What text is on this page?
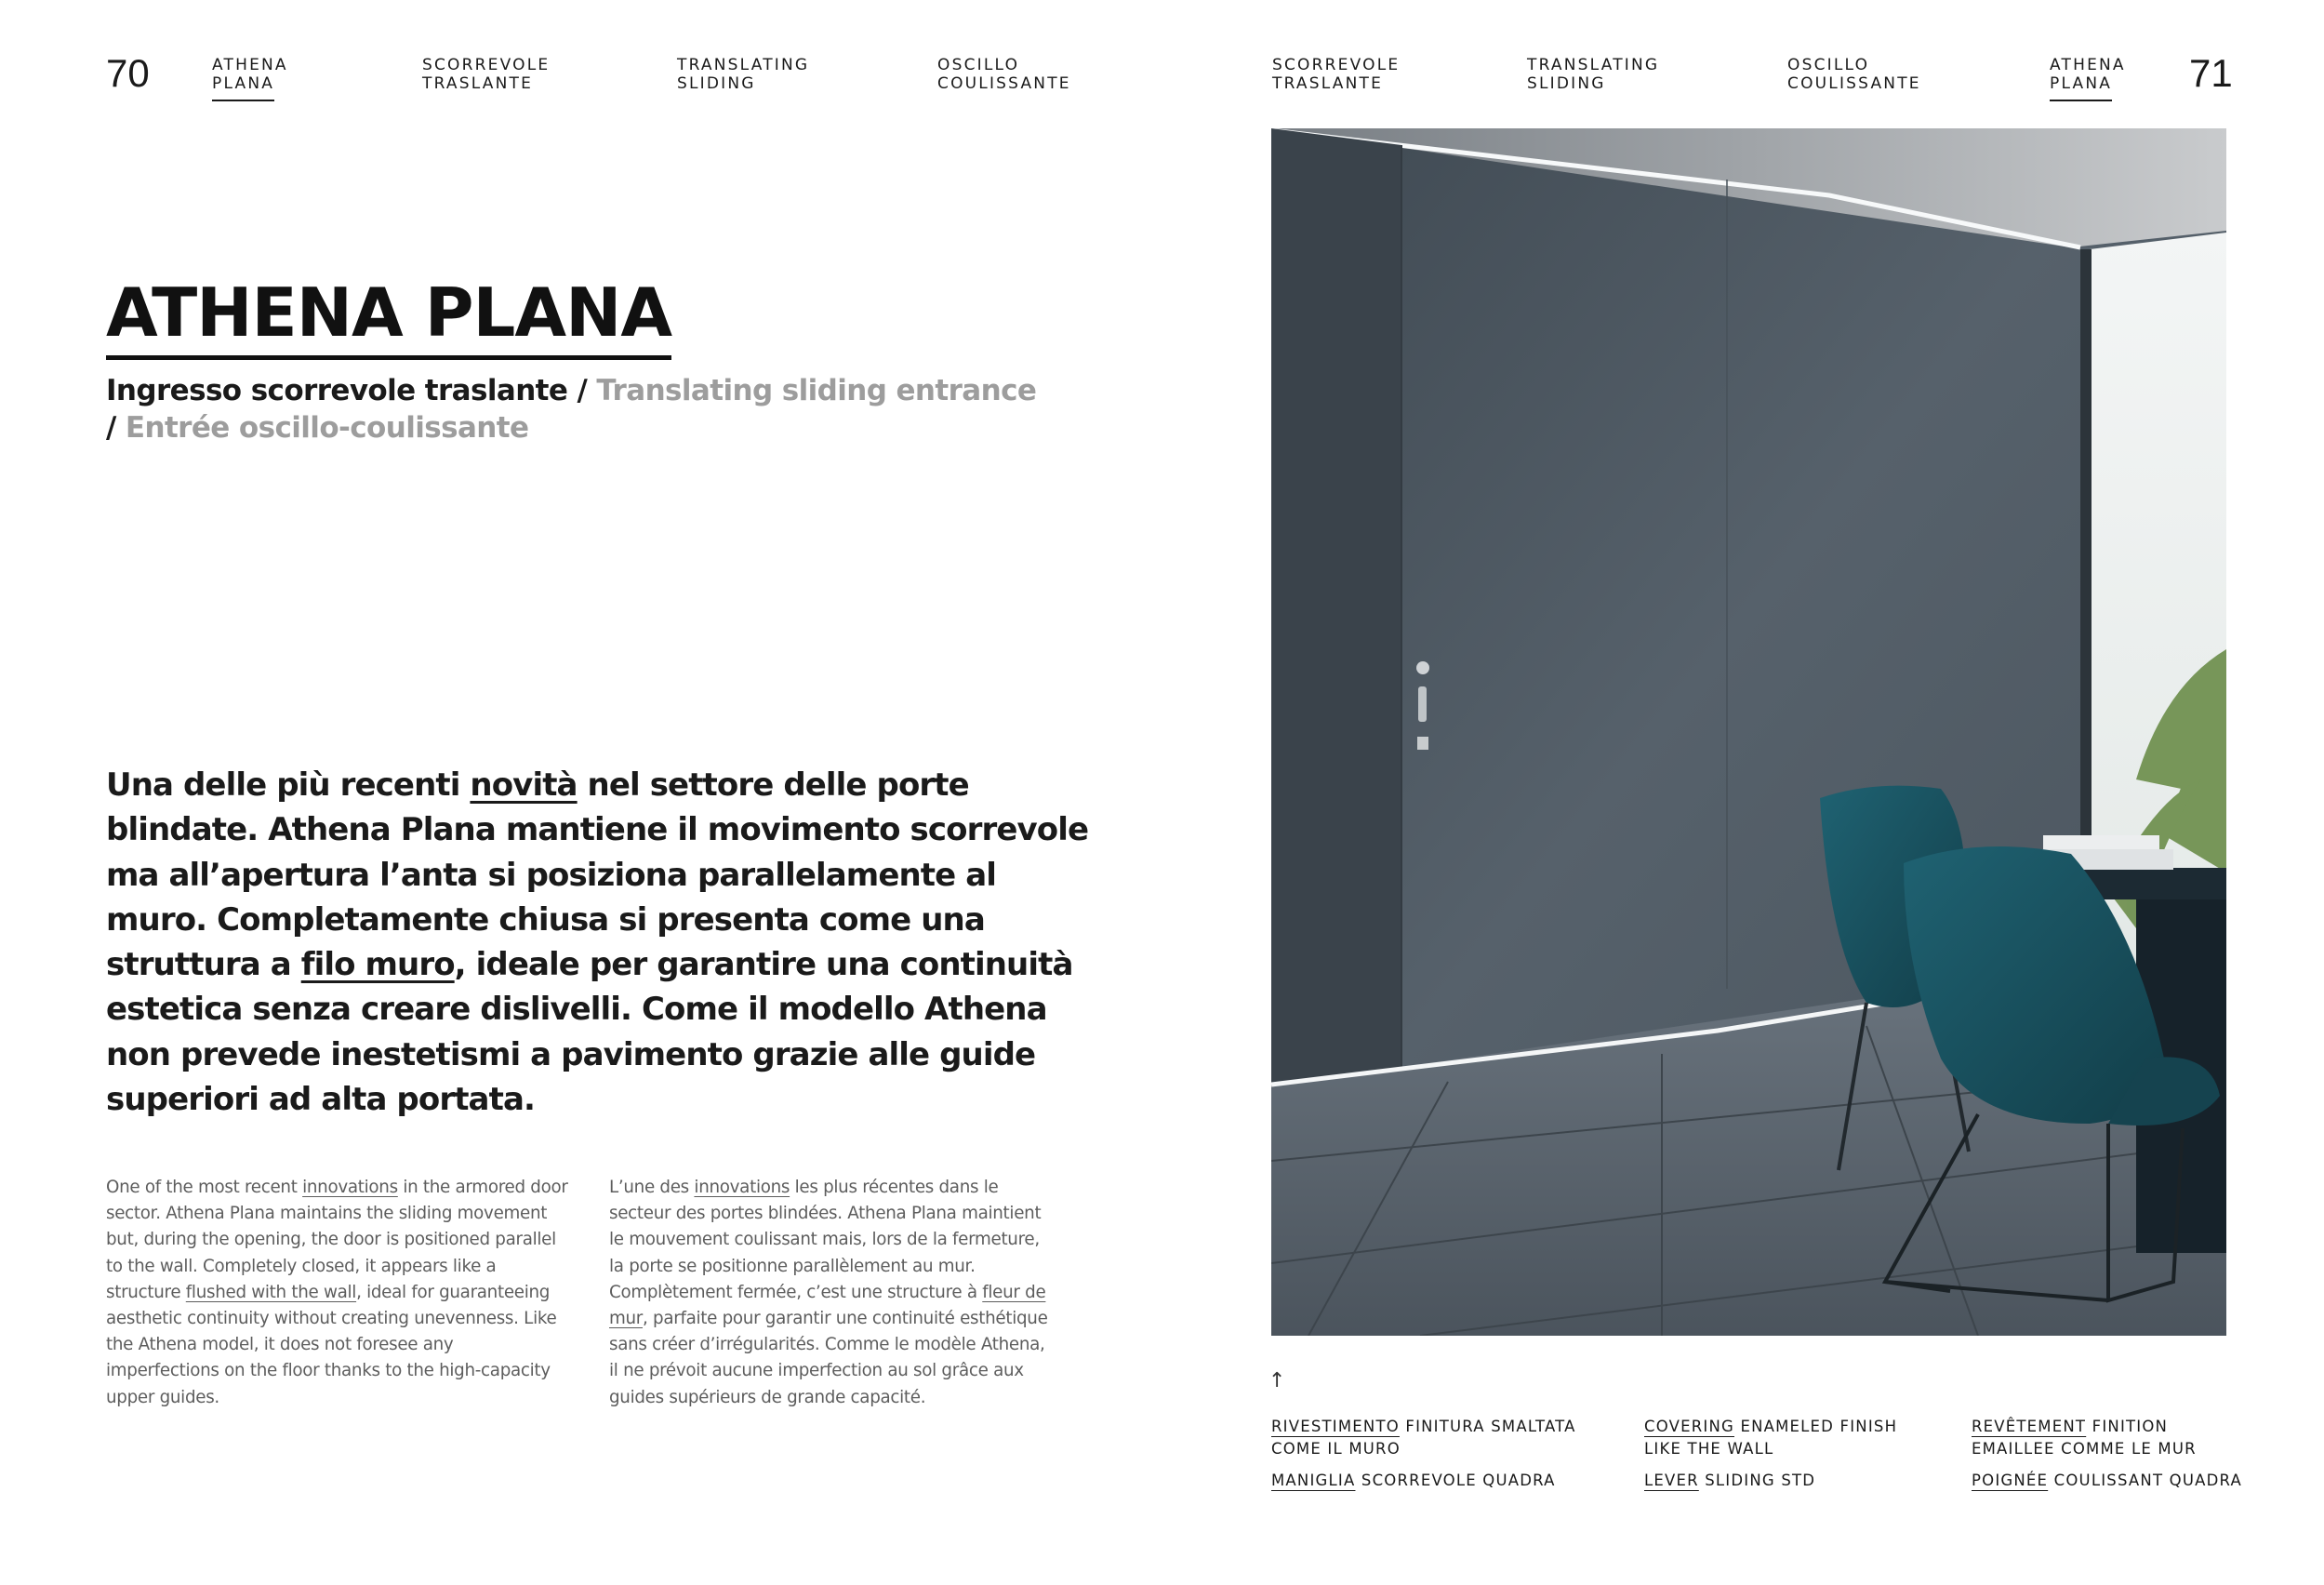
70	71
ATHENA
PLANA
SCORREVOLE
TRASLANTE
TRANSLATING
SLIDING
OSCILLO
COULISSANTE
SCORREVOLE
TRASLANTE
TRANSLATING
SLIDING
OSCILLO
COULISSANTE
ATHENA
PLANA
ATHENA PLANA
Ingresso scorrevole traslante / Translating sliding entrance / Entrée oscillo-coulissante
Una delle più recenti novità nel settore delle porte blindate. Athena Plana mantiene il movimento scorrevole ma all’apertura l’anta si posiziona parallelamente al muro. Completamente chiusa si presenta come una struttura a filo muro, ideale per garantire una continuità estetica senza creare dislivelli. Come il modello Athena non prevede inestetismi a pavimento grazie alle guide superiori ad alta portata.
One of the most recent innovations in the armored door sector. Athena Plana maintains the sliding movement but, during the opening, the door is positioned parallel to the wall. Completely closed, it appears like a structure flushed with the wall, ideal for guaranteeing aesthetic continuity without creating unevenness. Like the Athena model, it does not foresee any imperfections on the floor thanks to the high-capacity upper guides.
L’une des innovations les plus récentes dans le secteur des portes blindées. Athena Plana maintient le mouvement coulissant mais, lors de la fermeture, la porte se positionne parallèlement au mur. Complètement fermée, c’est une structure à fleur de mur, parfaite pour garantir une continuité esthétique sans créer d’irrégularités. Comme le modèle Athena, il ne prévoit aucune imperfection au sol grâce aux guides supérieurs de grande capacité.
↑
RIVESTIMENTO FINITURA SMALTATA
COME IL MURO
MANIGLIA SCORREVOLE QUADRA
COVERING ENAMELED FINISH
LIKE THE WALL
LEVER SLIDING STD
REVÊTEMENT FINITION
EMAILLEE COMME LE MUR
POIGNÉE COULISSANT QUADRA
